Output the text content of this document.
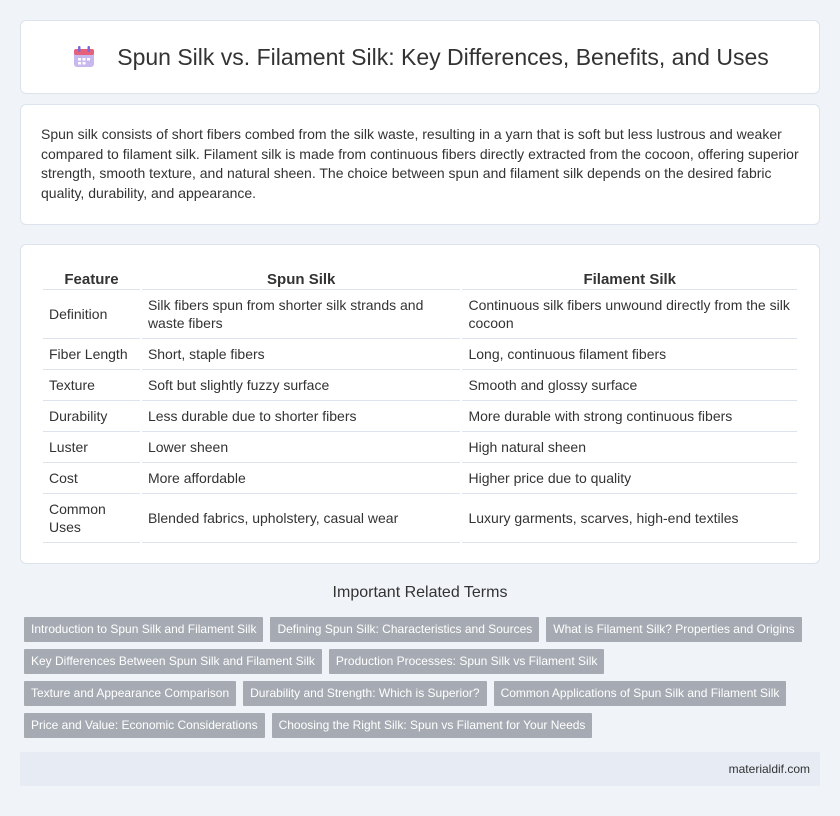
Spun Silk vs. Filament Silk: Key Differences, Benefits, and Uses

Spun silk consists of short fibers combed from the silk waste, resulting in a yarn that is soft but less lustrous and weaker compared to filament silk. Filament silk is made from continuous fibers directly extracted from the cocoon, offering superior strength, smooth texture, and natural sheen. The choice between spun and filament silk depends on the desired fabric quality, durability, and appearance.

Feature	Spun Silk	Filament Silk
Definition	Silk fibers spun from shorter silk strands and waste fibers	Continuous silk fibers unwound directly from the silk cocoon
Fiber Length	Short, staple fibers	Long, continuous filament fibers
Texture	Soft but slightly fuzzy surface	Smooth and glossy surface
Durability	Less durable due to shorter fibers	More durable with strong continuous fibers
Luster	Lower sheen	High natural sheen
Cost	More affordable	Higher price due to quality
Common Uses	Blended fabrics, upholstery, casual wear	Luxury garments, scarves, high-end textiles
Important Related Terms
Introduction to Spun Silk and Filament Silk	Defining Spun Silk: Characteristics and Sources	What is Filament Silk? Properties and Origins
Key Differences Between Spun Silk and Filament Silk	Production Processes: Spun Silk vs Filament Silk
Texture and Appearance Comparison	Durability and Strength: Which is Superior?	Common Applications of Spun Silk and Filament Silk
Price and Value: Economic Considerations	Choosing the Right Silk: Spun vs Filament for Your Needs
materialdif.com
